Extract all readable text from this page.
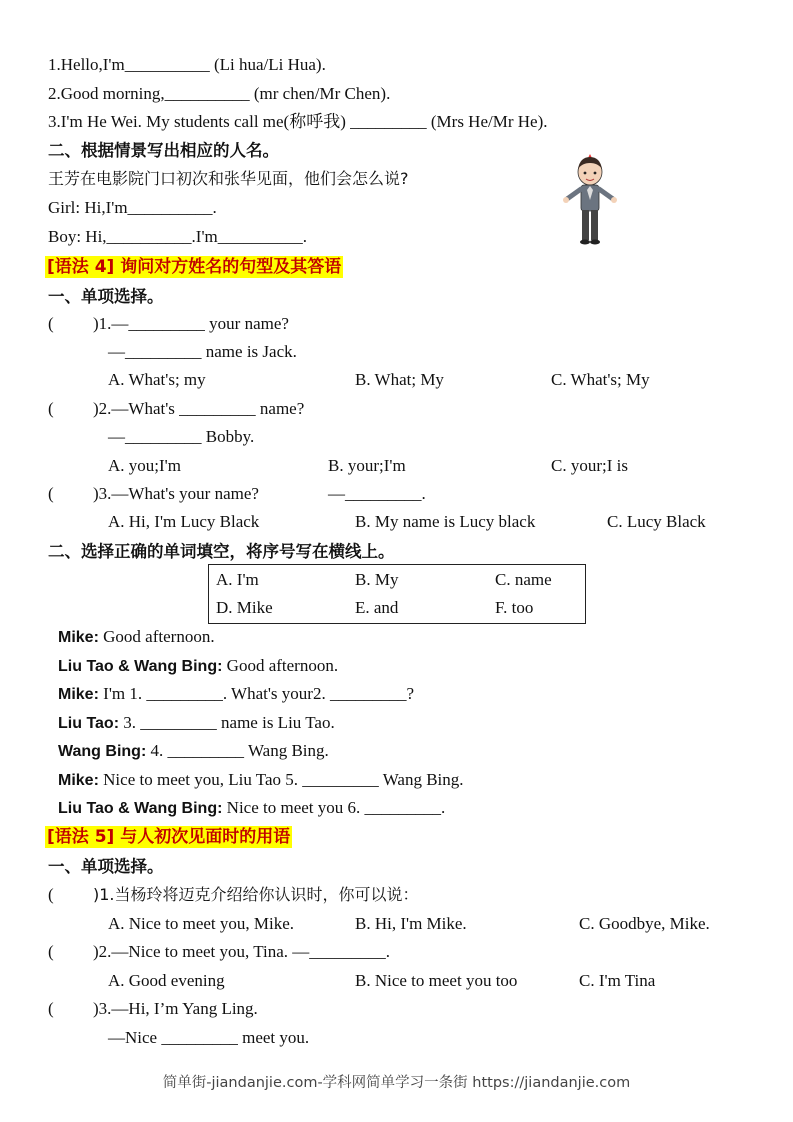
1.Hello,I'm__________ (Li hua/Li Hua).
2.Good morning,__________ (mr chen/Mr Chen).
3.I'm He Wei. My students call me(称呼我) _________ (Mrs He/Mr He).
二、根据情景写出相应的人名。
王芳在电影院门口初次和张华见面，他们会怎么说?
Girl: Hi,I'm__________.
Boy: Hi,__________.I'm__________.
[语法 4] 询问对方姓名的句型及其答语
一、单项选择。
( )1.—_________ your name?
—_________ name is Jack.
A. What's; my	B. What; My	C. What's; My
( )2.—What's _________ name?
—_________ Bobby.
A. you;I'm	B. your;I'm	C. your;I is
( )3.—What's your name?	—_________.
A. Hi, I'm Lucy Black	B. My name is Lucy black	C. Lucy Black
二、选择正确的单词填空，将序号写在横线上。
A. I'm	B. My	C. name
D. Mike	E. and	F. too
Mike: Good afternoon.
Liu Tao & Wang Bing: Good afternoon.
Mike: I'm 1. _________. What's your2. _________?
Liu Tao: 3. _________ name is Liu Tao.
Wang Bing: 4. _________ Wang Bing.
Mike: Nice to meet you, Liu Tao 5. _________ Wang Bing.
Liu Tao & Wang Bing: Nice to meet you 6. _________.
[语法 5] 与人初次见面时的用语
一、单项选择。
( )1.当杨玲将迈克介绍给你认识时，你可以说：
A. Nice to meet you, Mike.	B. Hi, I'm Mike.	C. Goodbye, Mike.
( )2.—Nice to meet you, Tina. —_________.
A. Good evening	B. Nice to meet you too	C. I'm Tina
( )3.—Hi, I’m Yang Ling.
—Nice _________ meet you.
简单街-jiandanjie.com-学科网简单学习一条街 https://jiandanjie.com
